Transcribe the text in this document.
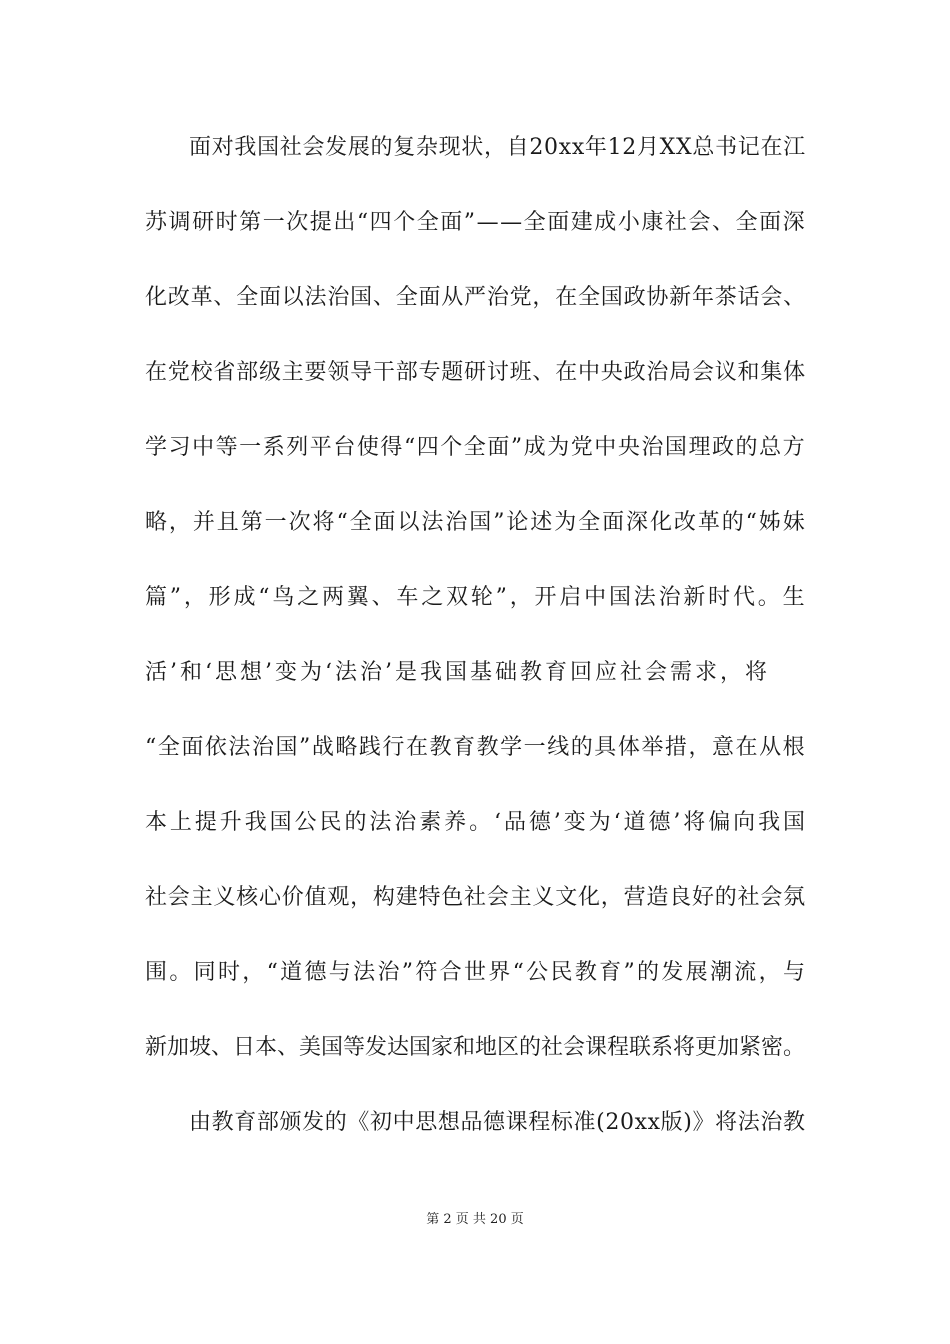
面对我国社会发展的复杂现状，自20xx年12月XX总书记在江
苏调研时第一次提出“四个全面”——全面建成小康社会、全面深
化改革、全面以法治国、全面从严治党，在全国政协新年茶话会、
在党校省部级主要领导干部专题研讨班、在中央政治局会议和集体
学习中等一系列平台使得“四个全面”成为党中央治国理政的总方
略，并且第一次将“全面以法治国”论述为全面深化改革的“姊妹
篇”，形成“鸟之两翼、车之双轮”，开启中国法治新时代。生
活’和‘思想’变为‘法治’是我国基础教育回应社会需求，将
“全面依法治国”战略践行在教育教学一线的具体举措，意在从根
本上提升我国公民的法治素养。‘品德’变为‘道德’将偏向我国
社会主义核心价值观，构建特色社会主义文化，营造良好的社会氛
围。同时，“道德与法治”符合世界“公民教育”的发展潮流，与
新加坡、日本、美国等发达国家和地区的社会课程联系将更加紧密。
由教育部颁发的《初中思想品德课程标准(20xx版)》将法治教
第 2 页 共 20 页
